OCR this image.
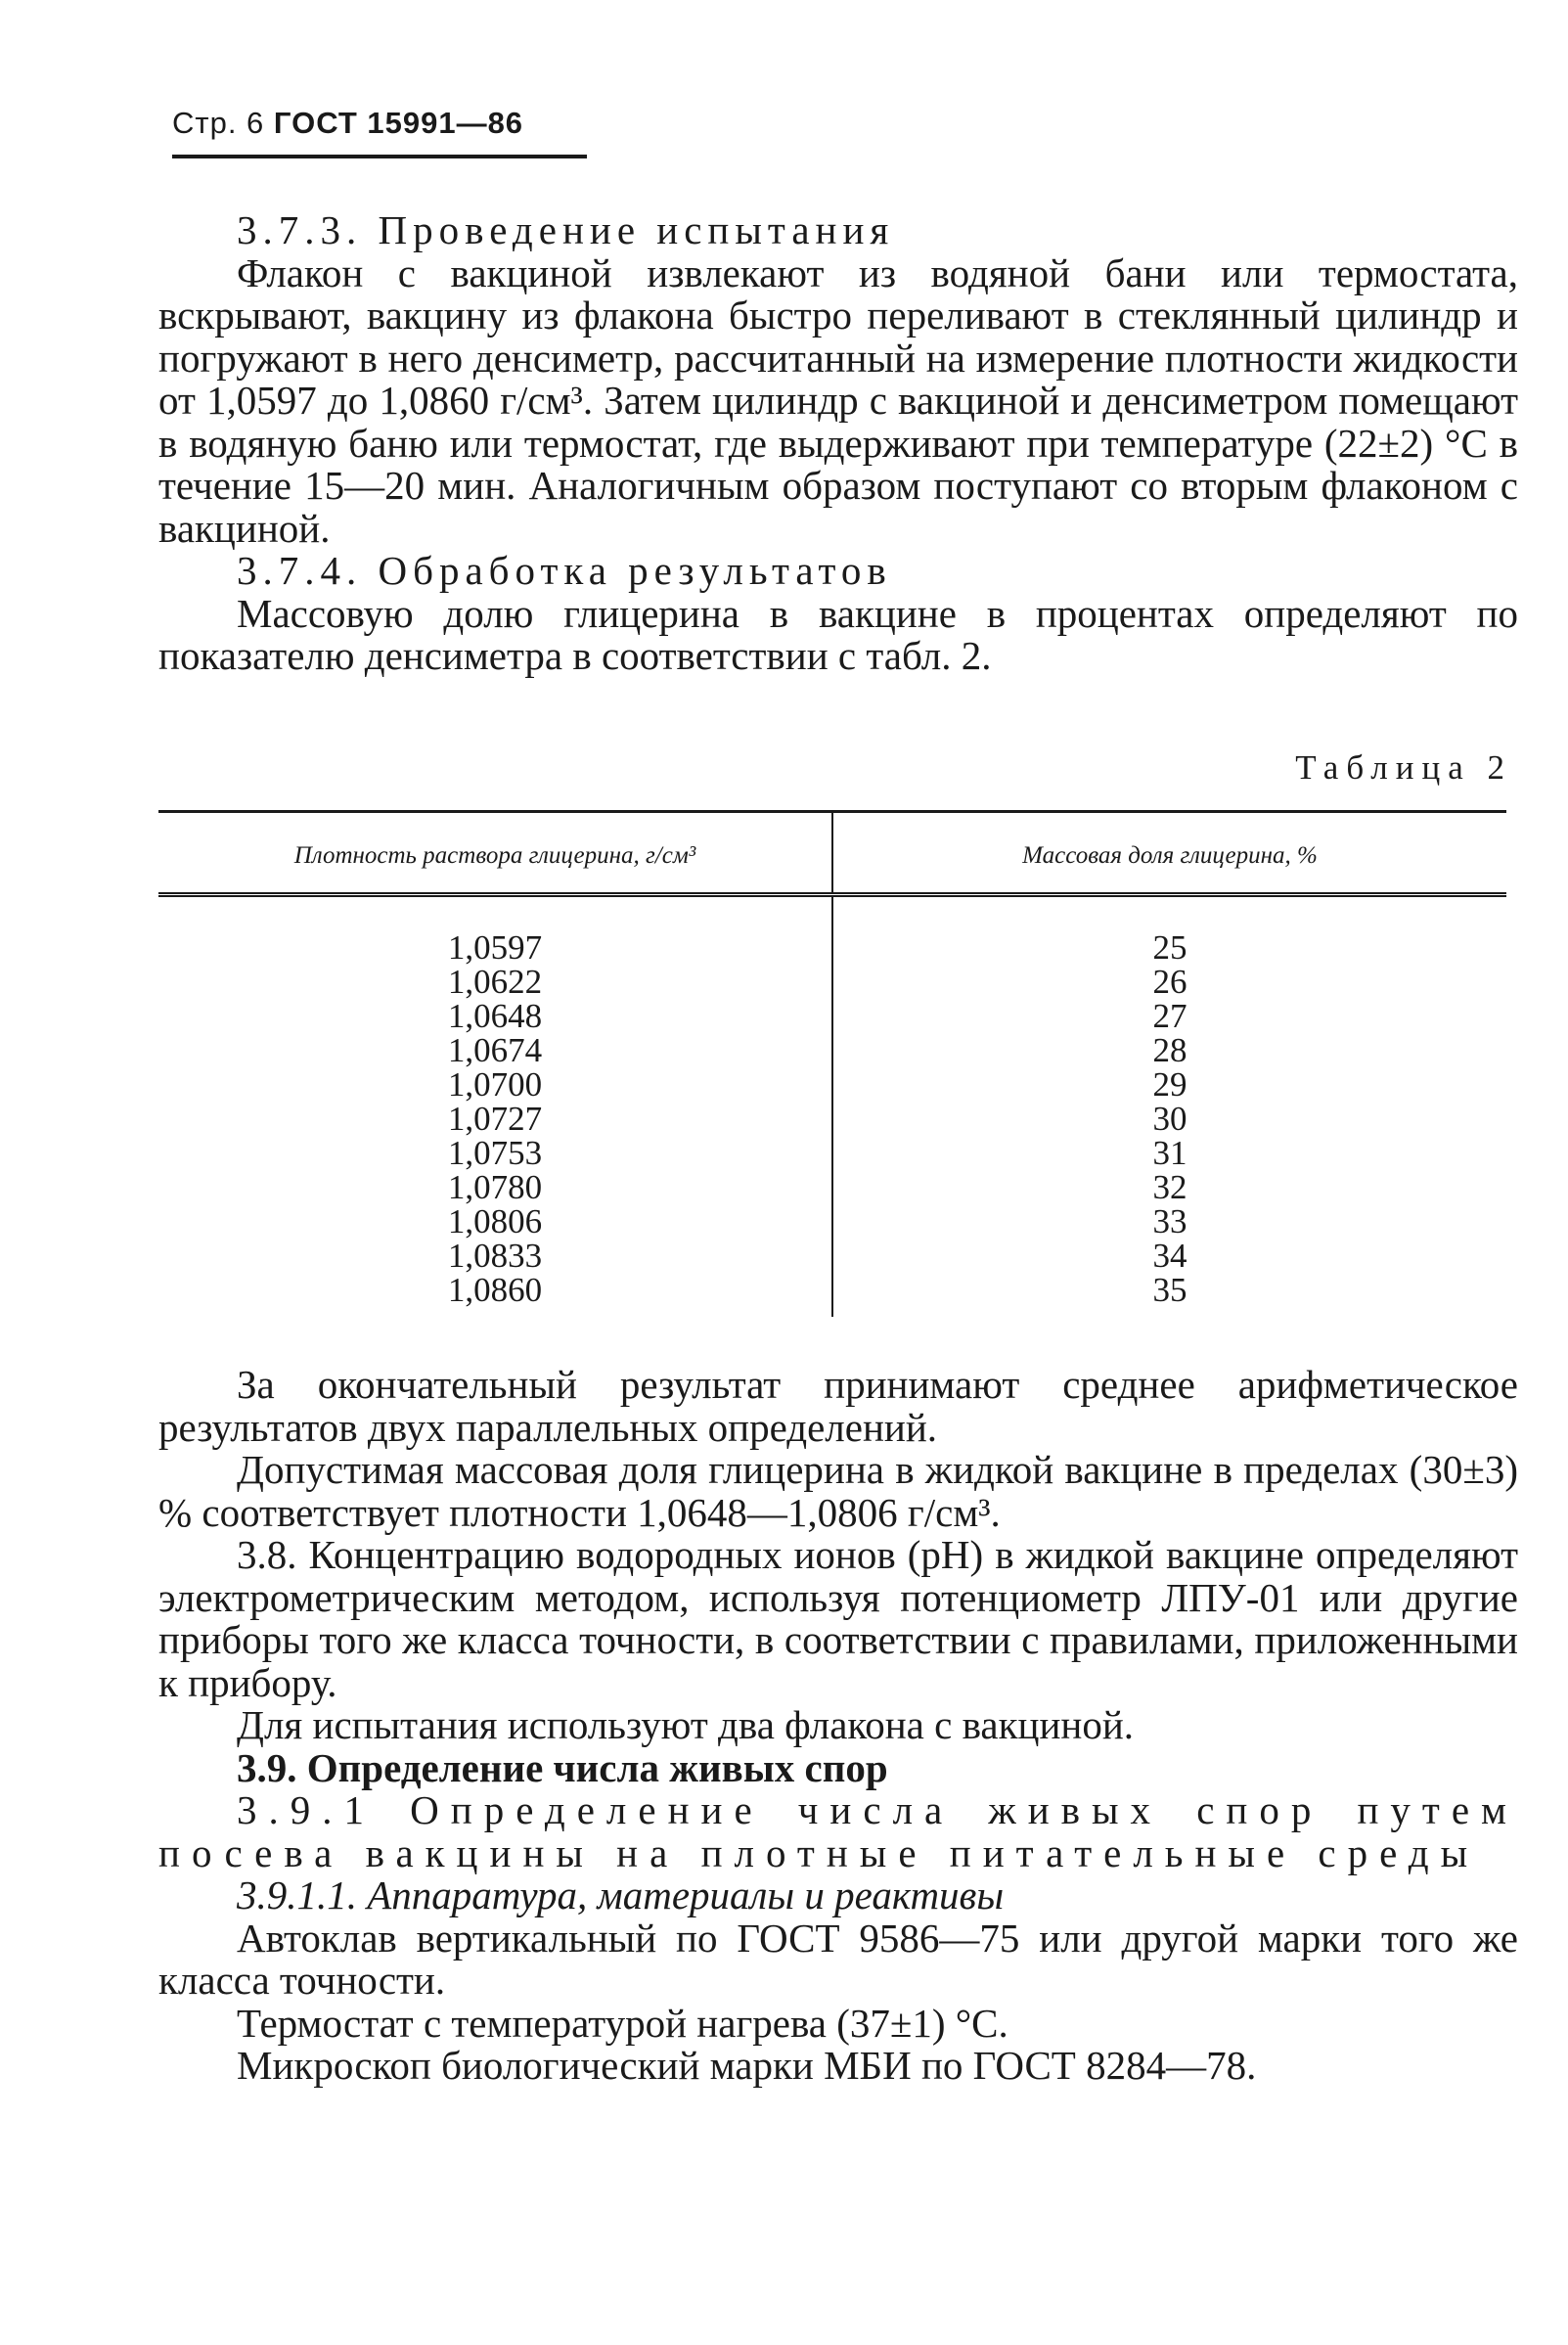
Стр. 6 ГОСТ 15991—86

3.7.3. Проведение испытания

Флакон с вакциной извлекают из водяной бани или термостата, вскрывают, вакцину из флакона быстро переливают в стеклянный цилиндр и погружают в него денсиметр, рассчитанный на измерение плотности жидкости от 1,0597 до 1,0860 г/см³. Затем цилиндр с вакциной и денсиметром помещают в водяную баню или термостат, где выдерживают при температуре (22±2) °С в течение 15—20 мин. Аналогичным образом поступают со вторым флаконом с вакциной.

3.7.4. Обработка результатов

Массовую долю глицерина в вакцине в процентах определяют по показателю денсиметра в соответствии с табл. 2.

Таблица 2

Плотность раствора глицерина, г/см³	Массовая доля глицерина, %
1,0597	25
1,0622	26
1,0648	27
1,0674	28
1,0700	29
1,0727	30
1,0753	31
1,0780	32
1,0806	33
1,0833	34
1,0860	35

За окончательный результат принимают среднее арифметическое результатов двух параллельных определений.

Допустимая массовая доля глицерина в жидкой вакцине в пределах (30±3) % соответствует плотности 1,0648—1,0806 г/см³.

3.8. Концентрацию водородных ионов (рН) в жидкой вакцине определяют электрометрическим методом, используя потенциометр ЛПУ-01 или другие приборы того же класса точности, в соответствии с правилами, приложенными к прибору.

Для испытания используют два флакона с вакциной.

3.9. Определение числа живых спор

3.9.1 Определение числа живых спор путем посева вакцины на плотные питательные среды

3.9.1.1. Аппаратура, материалы и реактивы

Автоклав вертикальный по ГОСТ 9586—75 или другой марки того же класса точности.

Термостат с температурой нагрева (37±1) °С.

Микроскоп биологический марки МБИ по ГОСТ 8284—78.
